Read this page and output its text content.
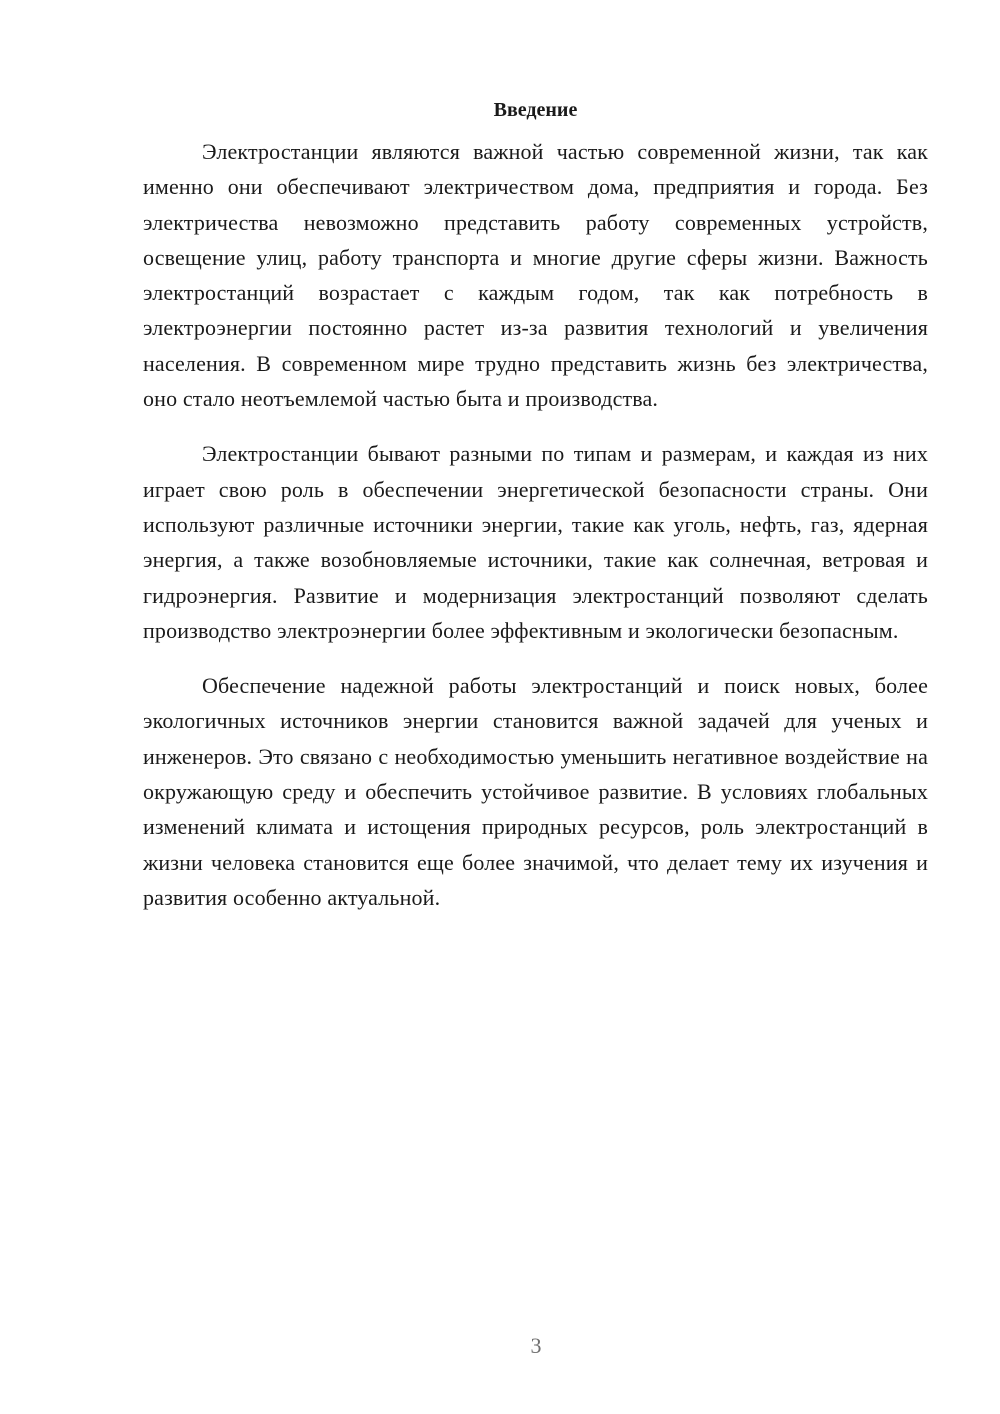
Введение

Электростанции являются важной частью современной жизни, так как именно они обеспечивают электричеством дома, предприятия и города. Без электричества невозможно представить работу современных устройств, освещение улиц, работу транспорта и многие другие сферы жизни. Важность электростанций возрастает с каждым годом, так как потребность в электроэнергии постоянно растет из-за развития технологий и увеличения населения. В современном мире трудно представить жизнь без электричества, оно стало неотъемлемой частью быта и производства.

Электростанции бывают разными по типам и размерам, и каждая из них играет свою роль в обеспечении энергетической безопасности страны. Они используют различные источники энергии, такие как уголь, нефть, газ, ядерная энергия, а также возобновляемые источники, такие как солнечная, ветровая и гидроэнергия. Развитие и модернизация электростанций позволяют сделать производство электроэнергии более эффективным и экологически безопасным.

Обеспечение надежной работы электростанций и поиск новых, более экологичных источников энергии становится важной задачей для ученых и инженеров. Это связано с необходимостью уменьшить негативное воздействие на окружающую среду и обеспечить устойчивое развитие. В условиях глобальных изменений климата и истощения природных ресурсов, роль электростанций в жизни человека становится еще более значимой, что делает тему их изучения и развития особенно актуальной.

3
